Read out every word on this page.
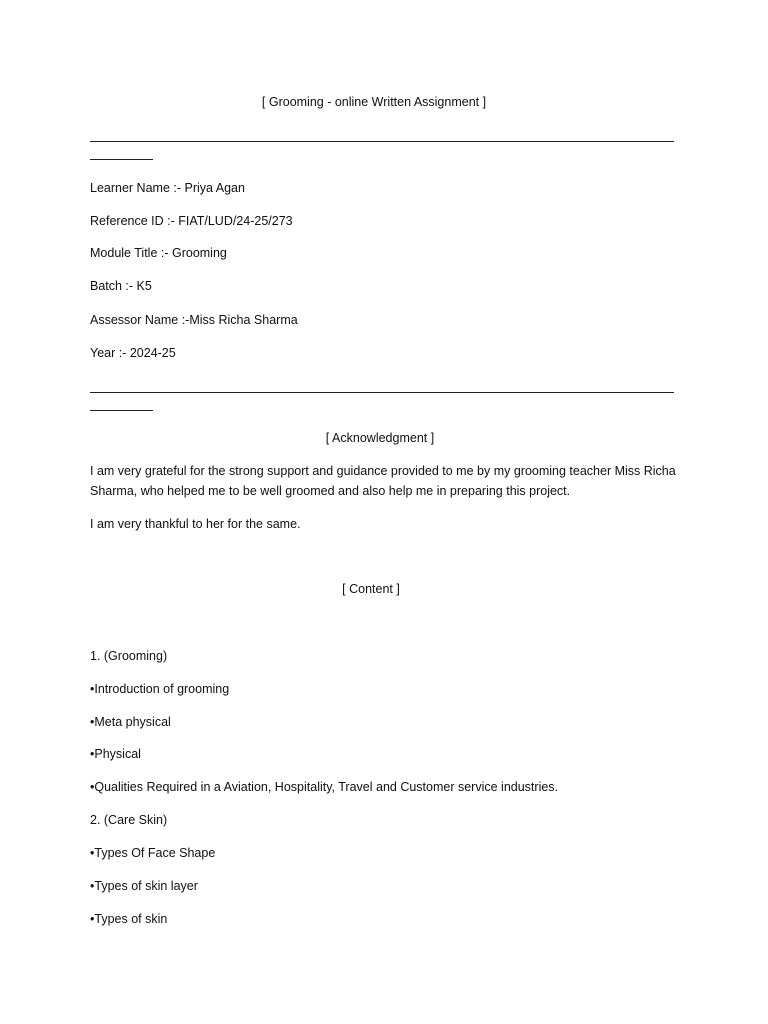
[ Grooming - online Written Assignment ]
Learner Name :- Priya Agan
Reference ID :- FIAT/LUD/24-25/273
Module Title :- Grooming
Batch :- K5
Assessor Name :-Miss Richa Sharma
Year :- 2024-25
[ Acknowledgment ]
I am very grateful for the strong support and guidance provided to me by my grooming teacher Miss Richa Sharma, who helped me to be well groomed and also help me in preparing this project.
I am very thankful to her for the same.
[ Content ]
1. (Grooming)
•Introduction of grooming
•Meta physical
•Physical
•Qualities Required in a Aviation, Hospitality, Travel and Customer service industries.
2. (Care Skin)
•Types Of Face Shape
•Types of skin layer
•Types of skin
